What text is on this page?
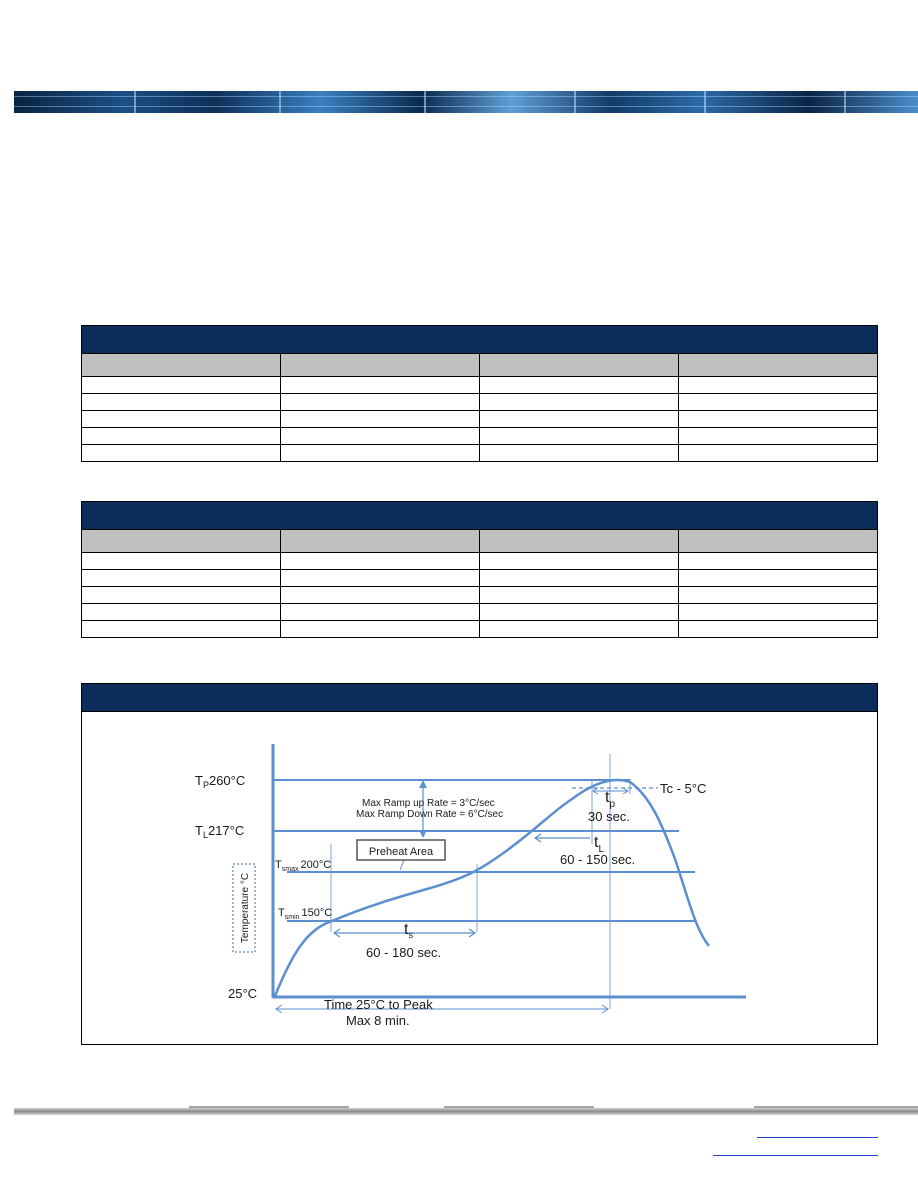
Preheat Area
Temperature °C
$T_P260^\circ C$
$T_L217^\circ C$
$T_{smax}$ 200°C
$T_{smin}$ 150°C
25°C
Max Ramp up Rate = 3°C/sec
Max Ramp Down Rate = 6°C/sec
$t_s$
60 - 180 sec.
$t_L$
60 - 150 sec.
$t_p$
30 sec.
Tc - 5°C
Time 25°C to Peak
Max 8 min.
